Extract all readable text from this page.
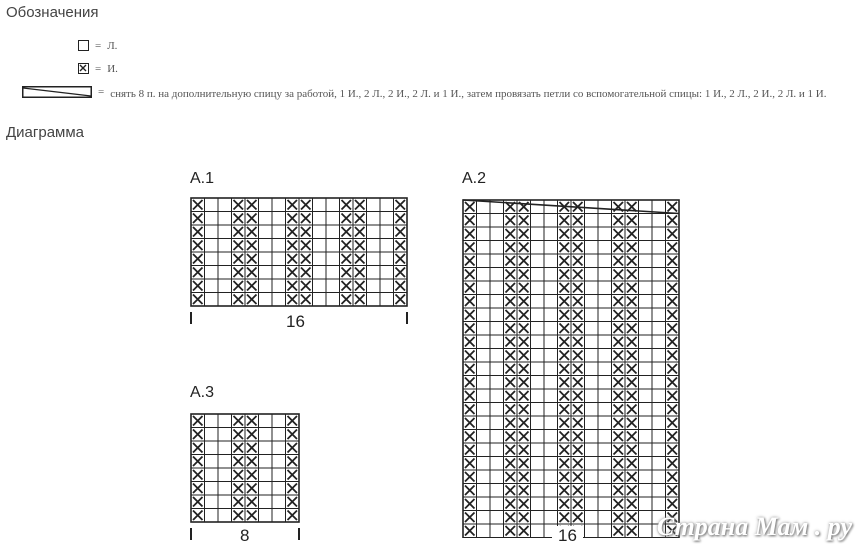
Обозначения
= Л.
= И.
= снять 8 п. на дополнительную спицу за работой, 1 И., 2 Л., 2 И., 2 Л. и 1 И., затем провязать петли со вспомогательной спицы: 1 И., 2 Л., 2 И., 2 Л. и 1 И.
Диаграмма
A.1
16
A.2
16
A.3
8	Страна Мам . ру
